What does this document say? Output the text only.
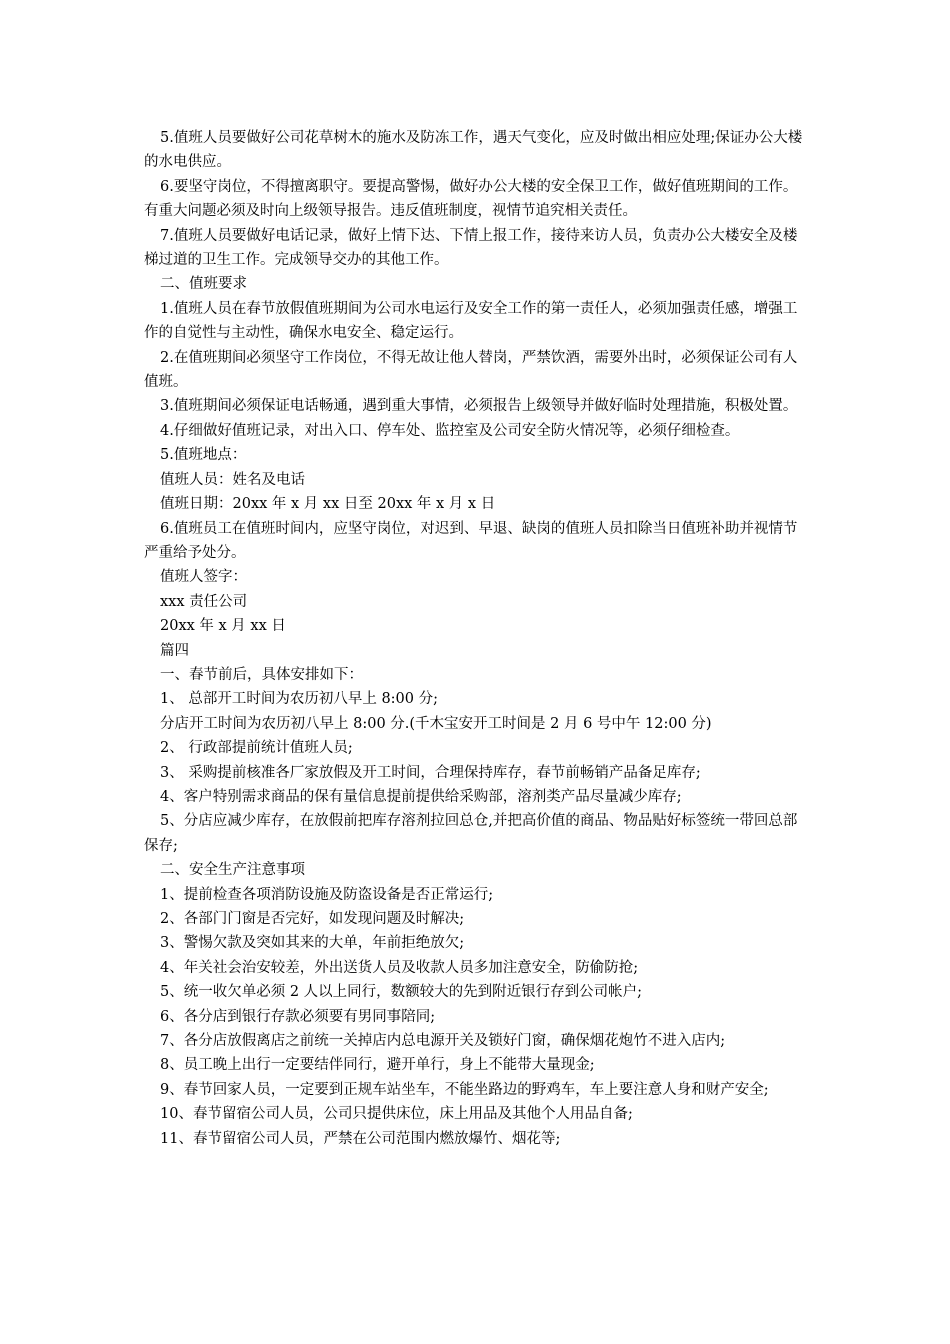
5.值班人员要做好公司花草树木的施水及防冻工作，遇天气变化，应及时做出相应处理;保证办公大楼的水电供应。

6.要坚守岗位，不得擅离职守。要提高警惕，做好办公大楼的安全保卫工作，做好值班期间的工作。有重大问题必须及时向上级领导报告。违反值班制度，视情节追究相关责任。

7.值班人员要做好电话记录，做好上情下达、下情上报工作，接待来访人员，负责办公大楼安全及楼梯过道的卫生工作。完成领导交办的其他工作。

二、值班要求

1.值班人员在春节放假值班期间为公司水电运行及安全工作的第一责任人，必须加强责任感，增强工作的自觉性与主动性，确保水电安全、稳定运行。

2.在值班期间必须坚守工作岗位，不得无故让他人替岗，严禁饮酒，需要外出时，必须保证公司有人值班。

3.值班期间必须保证电话畅通，遇到重大事情，必须报告上级领导并做好临时处理措施，积极处置。

4.仔细做好值班记录，对出入口、停车处、监控室及公司安全防火情况等，必须仔细检查。

5.值班地点：

值班人员：姓名及电话

值班日期：20xx 年 x 月 xx 日至 20xx 年 x 月 x 日

6.值班员工在值班时间内，应坚守岗位，对迟到、早退、缺岗的值班人员扣除当日值班补助并视情节严重给予处分。

值班人签字：

xxx 责任公司

20xx 年 x 月 xx 日

篇四

一、春节前后，具体安排如下：

1、 总部开工时间为农历初八早上 8:00 分;

分店开工时间为农历初八早上 8:00 分.(千木宝安开工时间是 2 月 6 号中午 12:00 分)

2、 行政部提前统计值班人员;

3、 采购提前核准各厂家放假及开工时间，合理保持库存，春节前畅销产品备足库存;

4、客户特别需求商品的保有量信息提前提供给采购部，溶剂类产品尽量减少库存;

5、分店应减少库存，在放假前把库存溶剂拉回总仓,并把高价值的商品、物品贴好标签统一带回总部保存;

二、安全生产注意事项

1、提前检查各项消防设施及防盗设备是否正常运行;

2、各部门门窗是否完好，如发现问题及时解决;

3、警惕欠款及突如其来的大单，年前拒绝放欠;

4、年关社会治安较差，外出送货人员及收款人员多加注意安全，防偷防抢;

5、统一收欠单必须 2 人以上同行，数额较大的先到附近银行存到公司帐户;

6、各分店到银行存款必须要有男同事陪同;

7、各分店放假离店之前统一关掉店内总电源开关及锁好门窗，确保烟花炮竹不进入店内;

8、员工晚上出行一定要结伴同行，避开单行，身上不能带大量现金;

9、春节回家人员，一定要到正规车站坐车，不能坐路边的野鸡车，车上要注意人身和财产安全;

10、春节留宿公司人员，公司只提供床位，床上用品及其他个人用品自备;

11、春节留宿公司人员，严禁在公司范围内燃放爆竹、烟花等;
